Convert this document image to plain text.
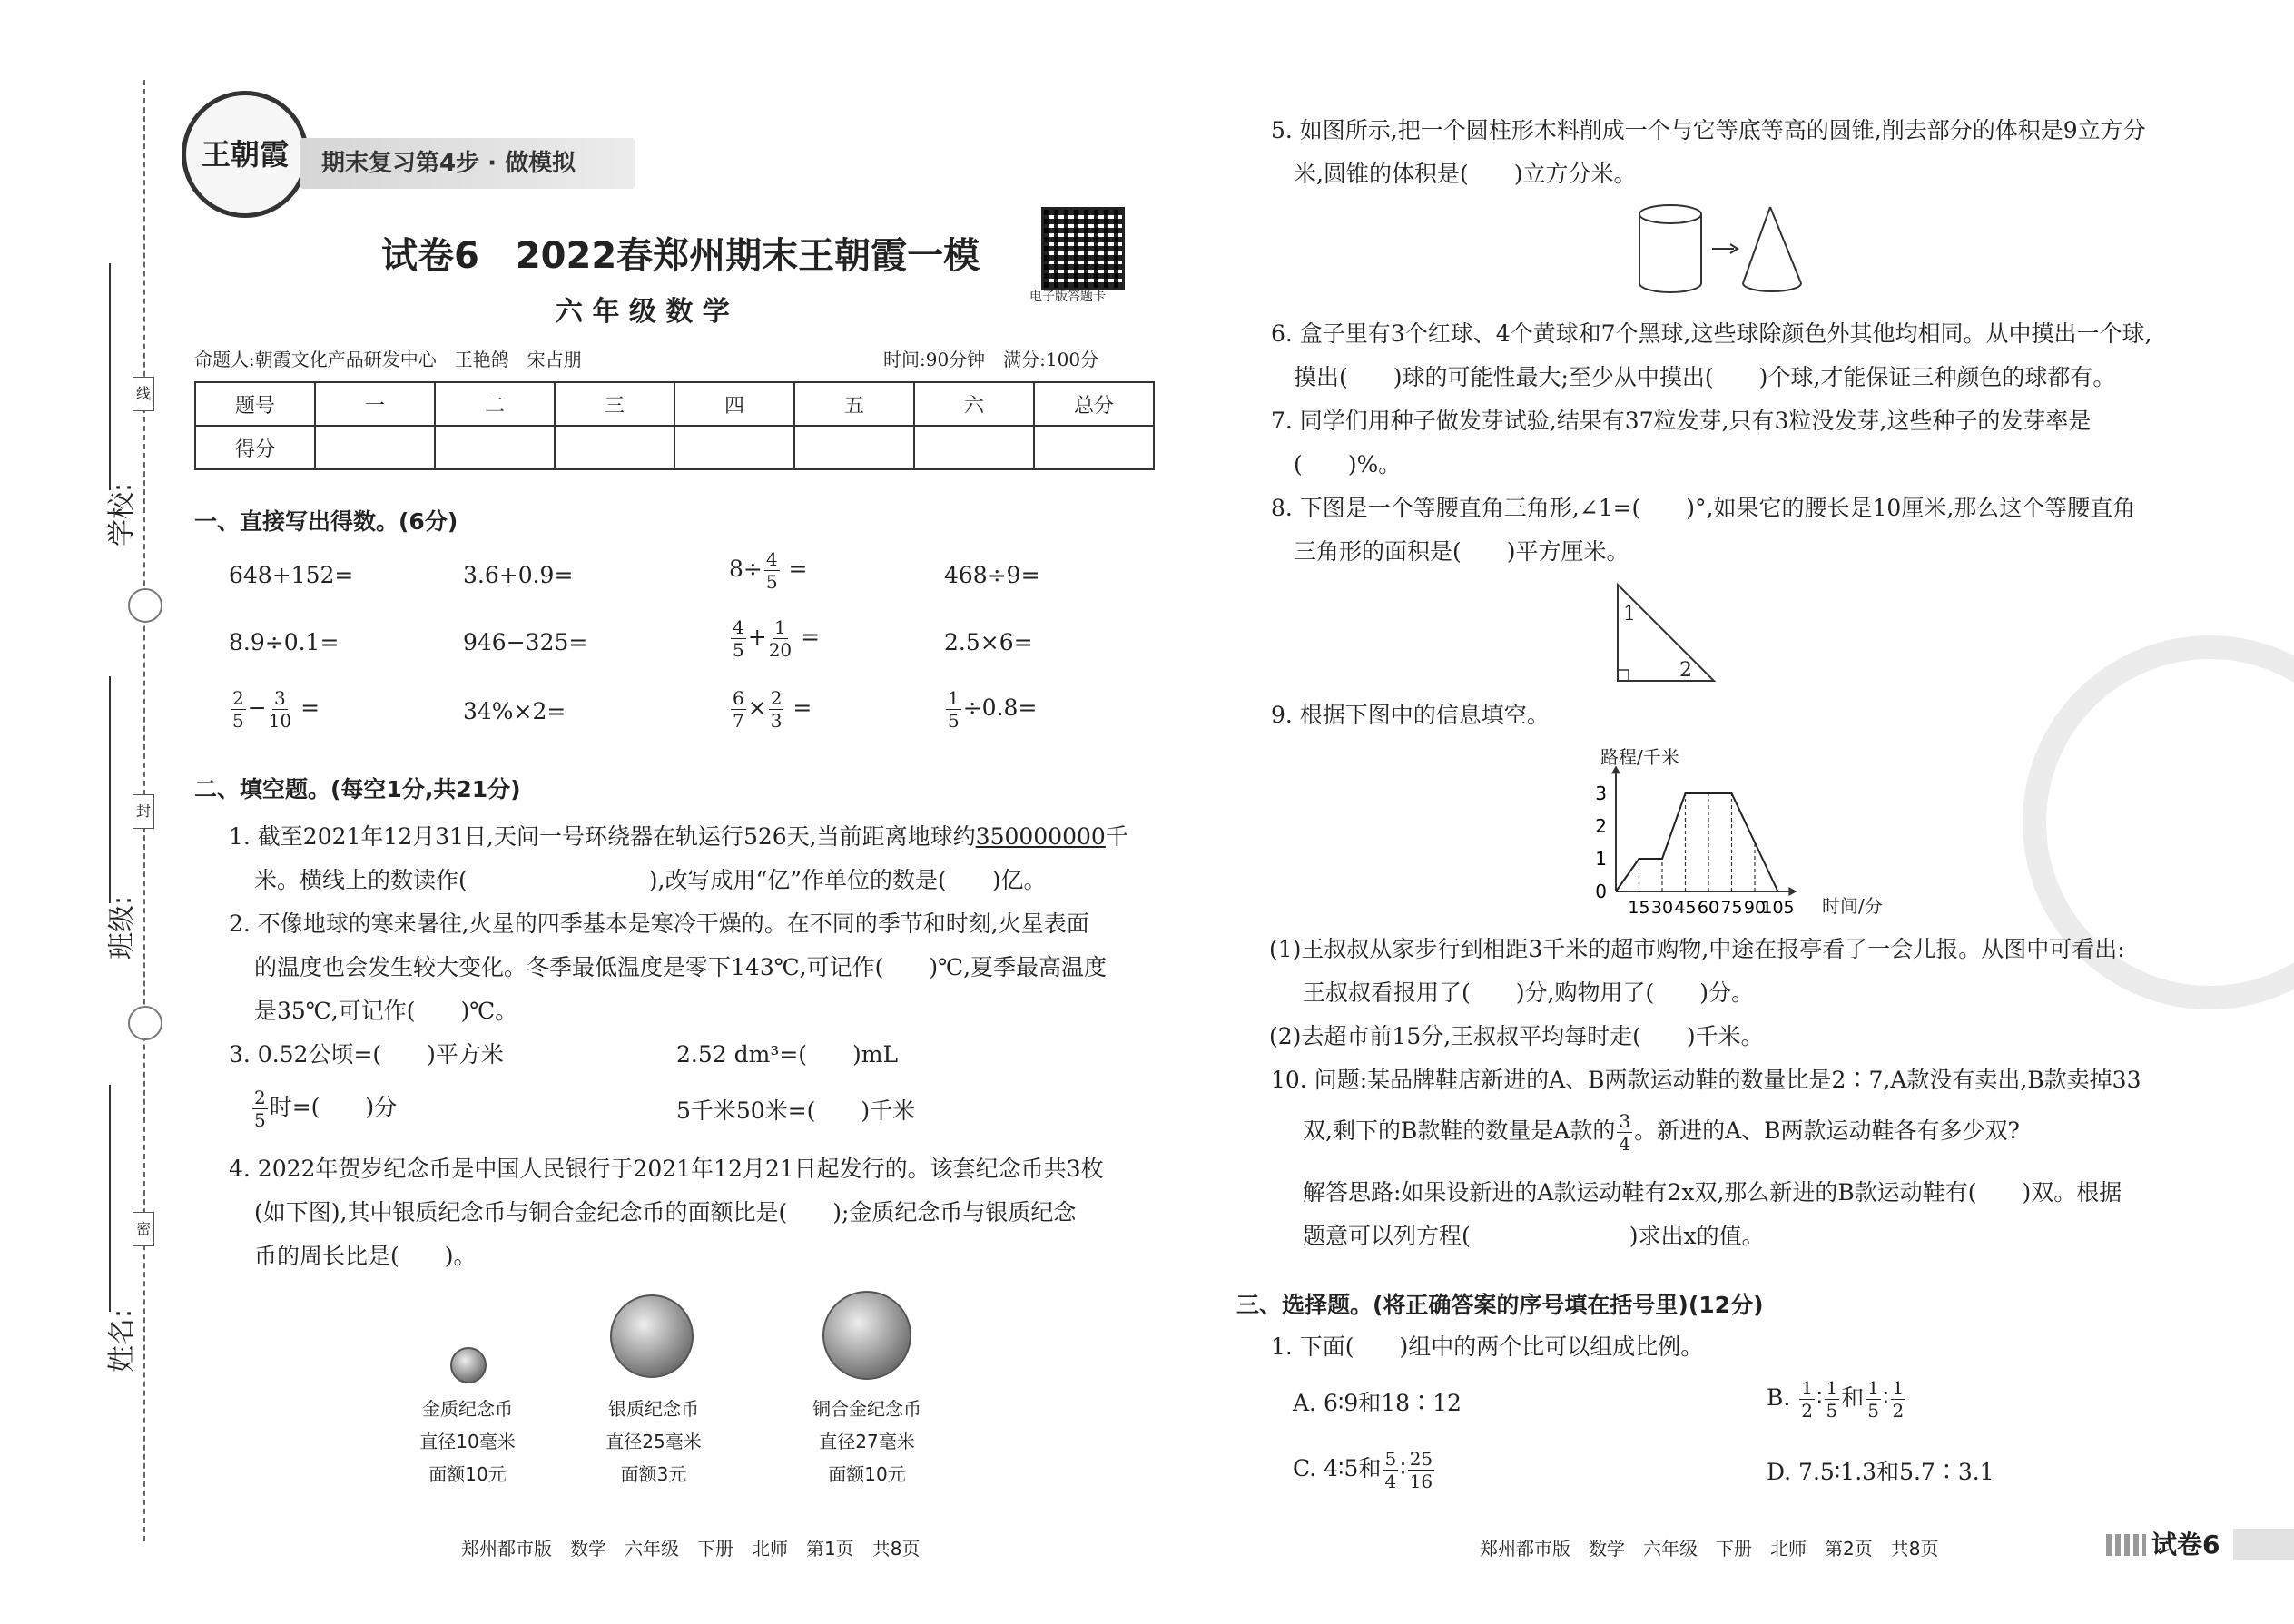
线
封
密
学校:
班级:
姓名:
王朝霞	期末复习第4步 · 做模拟
试卷6　2022春郑州期末王朝霞一模
六 年 级 数 学	电子版答题卡
命题人:朝霞文化产品研发中心　王艳鸽　宋占朋	时间:90分钟　满分:100分
题号	一	二	三	四	五	六	总分
得分							
一、直接写出得数。(6分)
648+152=	3.6+0.9=	$8\div \frac{4}{5}$ =	468÷9=
8.9÷0.1=	946−325=	$\frac{4}{5} + \frac{1}{20}$ =	2.5×6=
$\frac{2}{5} - \frac{3}{10}$ =	34%×2=	$\frac{6}{7} \times \frac{2}{3}$ =	$\frac{1}{5} \div 0.8=$
二、填空题。(每空1分,共21分)
1. 截至2021年12月31日,天问一号环绕器在轨运行526天,当前距离地球约350000000千
米。横线上的数读作(　　　　　　　　),改写成用“亿”作单位的数是(　　)亿。
2. 不像地球的寒来暑往,火星的四季基本是寒冷干燥的。在不同的季节和时刻,火星表面
的温度也会发生较大变化。冬季最低温度是零下143℃,可记作(　　)℃,夏季最高温度
是35℃,可记作(　　)℃。
3. 0.52公顷=(　　)平方米	2.52 dm³=(　　)mL
$\frac{2}{5}$ 时=(　　)分	5千米50米=(　　)千米
4. 2022年贺岁纪念币是中国人民银行于2021年12月21日起发行的。该套纪念币共3枚
(如下图),其中银质纪念币与铜合金纪念币的面额比是(　　);金质纪念币与银质纪念
币的周长比是(　　)。
金质纪念币
直径10毫米
面额10元
银质纪念币
直径25毫米
面额3元
铜合金纪念币
直径27毫米
面额10元
郑州都市版　数学　六年级　下册　北师　第1页　共8页
5. 如图所示,把一个圆柱形木料削成一个与它等底等高的圆锥,削去部分的体积是9立方分
米,圆锥的体积是(　　)立方分米。
6. 盒子里有3个红球、4个黄球和7个黑球,这些球除颜色外其他均相同。从中摸出一个球,
摸出(　　)球的可能性最大;至少从中摸出(　　)个球,才能保证三种颜色的球都有。
7. 同学们用种子做发芽试验,结果有37粒发芽,只有3粒没发芽,这些种子的发芽率是
(　　)%。
8. 下图是一个等腰直角三角形,∠1=(　　)°,如果它的腰长是10厘米,那么这个等腰直角
三角形的面积是(　　)平方厘米。
1
2
9. 根据下图中的信息填空。
0
1
2
3
15 30 45 60 75 90
105
路程/千米
时间/分
(1)王叔叔从家步行到相距3千米的超市购物,中途在报亭看了一会儿报。从图中可看出:
王叔叔看报用了(　　)分,购物用了(　　)分。
(2)去超市前15分,王叔叔平均每时走(　　)千米。
10. 问题:某品牌鞋店新进的A、B两款运动鞋的数量比是2∶7,A款没有卖出,B款卖掉33
双,剩下的B款鞋的数量是A款的 $\frac{3}{4}$ 。新进的A、B两款运动鞋各有多少双?
解答思路:如果设新进的A款运动鞋有2x双,那么新进的B款运动鞋有(　　)双。根据
题意可以列方程(　　　　　　　)求出x的值。
三、选择题。(将正确答案的序号填在括号里)(12分)
1. 下面(　　)组中的两个比可以组成比例。
A. 6∶9和18∶12	B. $\frac{1}{2}$ ∶ $\frac{1}{5}$ 和 $\frac{1}{5}$ ∶ $\frac{1}{2}$
C. 4∶5和 $\frac{5}{4}$ ∶ $\frac{25}{16}$	D. 7.5∶1.3和5.7∶3.1
郑州都市版　数学　六年级　下册　北师　第2页　共8页	试卷6
